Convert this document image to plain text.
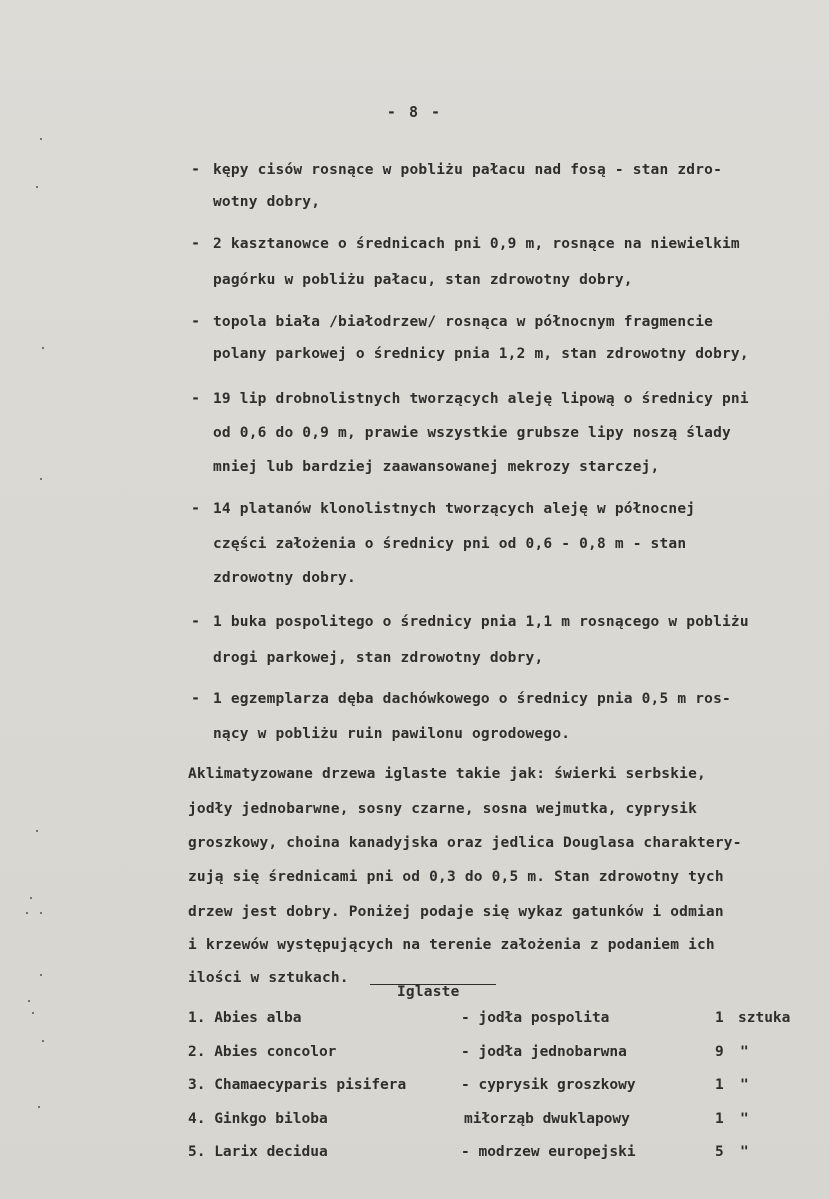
- 8 -
- kępy cisów rosnące w pobliżu pałacu nad fosą - stan zdro-
wotny dobry,
- 2 kasztanowce o średnicach pni 0,9 m, rosnące na niewielkim
pagórku w pobliżu pałacu, stan zdrowotny dobry,
- topola biała /białodrzew/ rosnąca w północnym fragmencie
polany parkowej o średnicy pnia 1,2 m, stan zdrowotny dobry,
- 19 lip drobnolistnych tworzących aleję lipową o średnicy pni
od 0,6 do 0,9 m, prawie wszystkie grubsze lipy noszą ślady
mniej lub bardziej zaawansowanej mekrozy starczej,
- 14 platanów klonolistnych tworzących aleję w północnej
części założenia o średnicy pni od 0,6 - 0,8 m - stan
zdrowotny dobry.
- 1 buka pospolitego o średnicy pnia 1,1 m rosnącego w pobliżu
drogi parkowej, stan zdrowotny dobry,
- 1 egzemplarza dęba dachówkowego o średnicy pnia 0,5 m ros-
nący w pobliżu ruin pawilonu ogrodowego.
Aklimatyzowane drzewa iglaste takie jak: świerki serbskie,
jodły jednobarwne, sosny czarne, sosna wejmutka, cyprysik
groszkowy, choina kanadyjska oraz jedlica Douglasa charaktery-
zują się średnicami pni od 0,3 do 0,5 m. Stan zdrowotny tych
drzew jest dobry. Poniżej podaje się wykaz gatunków i odmian
i krzewów występujących na terenie założenia z podaniem ich
ilości w sztukach.
Iglaste
1. Abies alba	- jodła pospolita	1 sztuka
2. Abies concolor	- jodła jednobarwna	9 "
3. Chamaecyparis pisifera	- cyprysik groszkowy	1 "
4. Ginkgo biloba	miłorząb dwuklapowy	1 "
5. Larix decidua	- modrzew europejski	5 "
